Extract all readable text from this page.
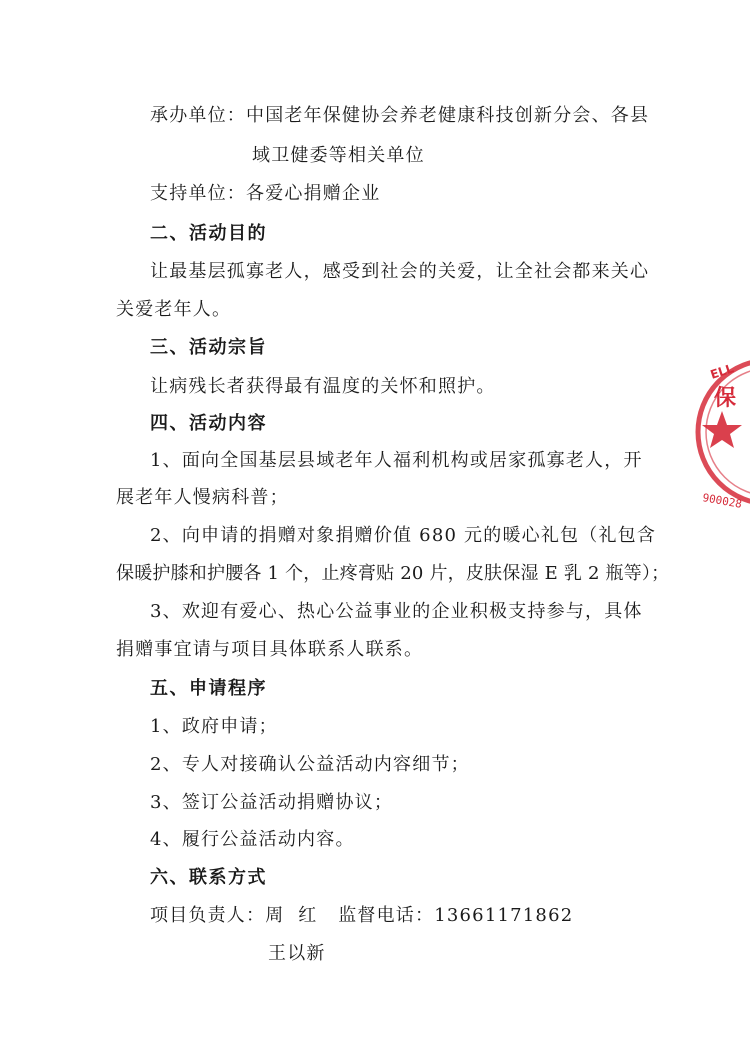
承办单位：中国老年保健协会养老健康科技创新分会、各县
域卫健委等相关单位
支持单位：各爱心捐赠企业
二、活动目的
让最基层孤寡老人，感受到社会的关爱，让全社会都来关心
关爱老年人。
三、活动宗旨
让病残长者获得最有温度的关怀和照护。
四、活动内容
1、面向全国基层县域老年人福利机构或居家孤寡老人，开
展老年人慢病科普；
2、向申请的捐赠对象捐赠价值 680 元的暖心礼包（礼包含
保暖护膝和护腰各 1 个，止疼膏贴 20 片，皮肤保湿 E 乳 2 瓶等）；
3、欢迎有爱心、热心公益事业的企业积极支持参与，具体
捐赠事宜请与项目具体联系人联系。
五、申请程序
1、政府申请；
2、专人对接确认公益活动内容细节；
3、签订公益活动捐赠协议；
4、履行公益活动内容。
六、联系方式
项目负责人：周  红   监督电话：13661171862
王以新
ELL
保
900028
